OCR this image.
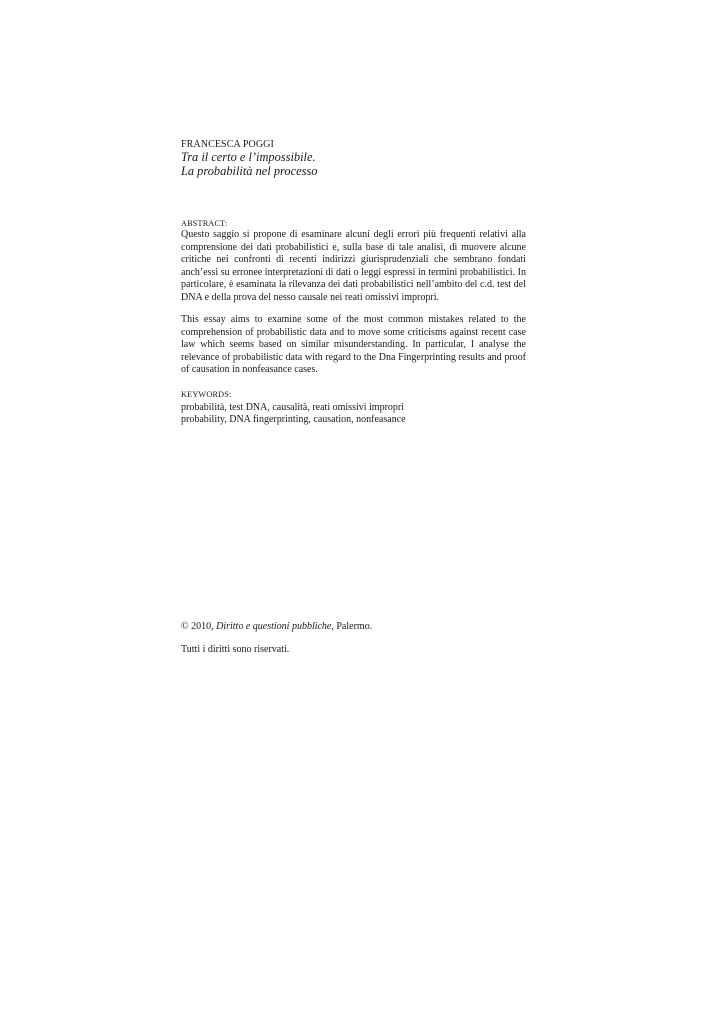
FRANCESCA POGGI
Tra il certo e l’impossibile.
La probabilità nel processo
ABSTRACT:

Questo saggio si propone di esaminare alcuni degli errori più frequenti relativi alla comprensione dei dati probabilistici e, sulla base di tale analisi, di muovere alcune critiche nei confronti di recenti indirizzi giurisprudenziali che sembrano fondati anch’essi su erronee interpretazioni di dati o leggi espressi in termini probabilistici. In particolare, è esaminata la rilevanza dei dati probabilistici nell’ambito del c.d. test del DNA e della prova del nesso causale nei reati omissivi impropri.

This essay aims to examine some of the most common mistakes related to the comprehension of probabilistic data and to move some criticisms against recent case law which seems based on similar misunderstanding. In particular, I analyse the relevance of probabilistic data with regard to the Dna Fingerprinting results and proof of causation in nonfeasance cases.

KEYWORDS:
probabilità, test DNA, causalità, reati omissivi impropri
probability, DNA fingerprinting, causation, nonfeasance
© 2010, Diritto e questioni pubbliche, Palermo.
Tutti i diritti sono riservati.
